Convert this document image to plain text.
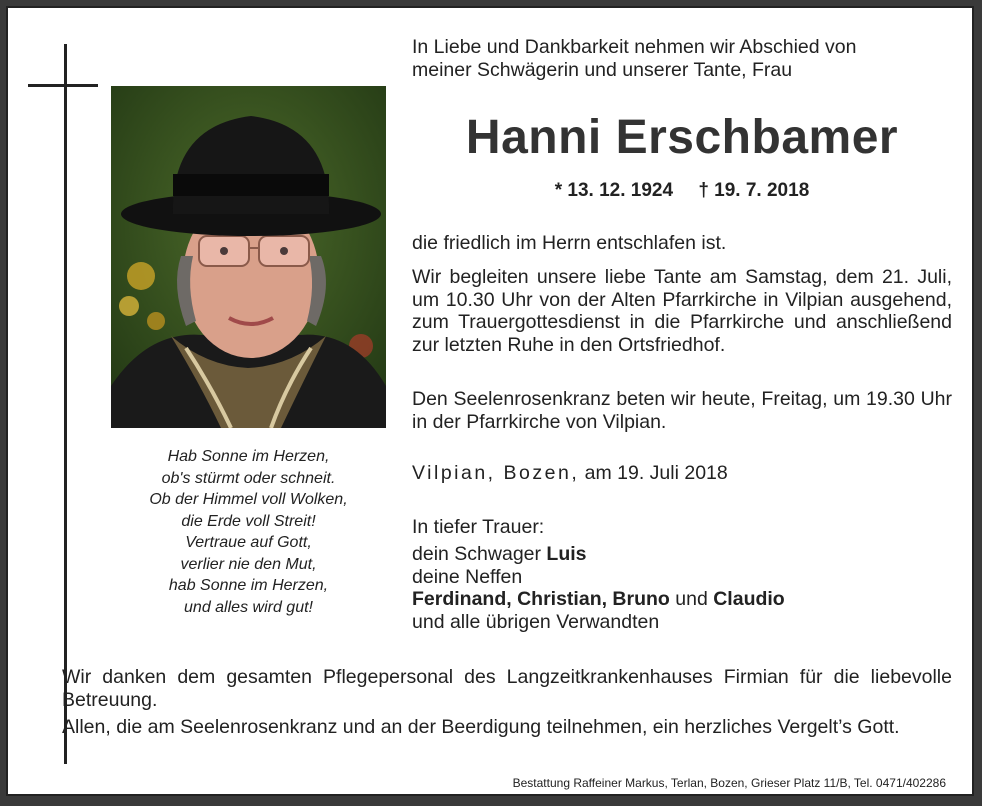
Hab Sonne im Herzen,
ob's stürmt oder schneit.
Ob der Himmel voll Wolken,
die Erde voll Streit!
Vertraue auf Gott,
verlier nie den Mut,
hab Sonne im Herzen,
und alles wird gut!
In Liebe und Dankbarkeit nehmen wir Abschied von
meiner Schwägerin und unserer Tante, Frau
Hanni Erschbamer
* 13. 12. 1924 † 19. 7. 2018
die friedlich im Herrn entschlafen ist.
Wir begleiten unsere liebe Tante am Samstag, dem 21. Juli, um 10.30 Uhr von der Alten Pfarrkirche in Vilpian ausgehend, zum Trauergottesdienst in die Pfarrkirche und anschließend zur letzten Ruhe in den Ortsfriedhof.
Den Seelenrosenkranz beten wir heute, Freitag, um 19.30 Uhr in der Pfarrkirche von Vilpian.
Vilpian, Bozen, am 19. Juli 2018
In tiefer Trauer:
dein Schwager Luis
deine Neffen
Ferdinand, Christian, Bruno und Claudio
und alle übrigen Verwandten
Wir danken dem gesamten Pflegepersonal des Langzeitkrankenhauses Firmian für die liebevolle Betreuung.
Allen, die am Seelenrosenkranz und an der Beerdigung teilnehmen, ein herzliches Vergelt’s Gott.
Bestattung Raffeiner Markus, Terlan, Bozen, Grieser Platz 11/B, Tel. 0471/402286
